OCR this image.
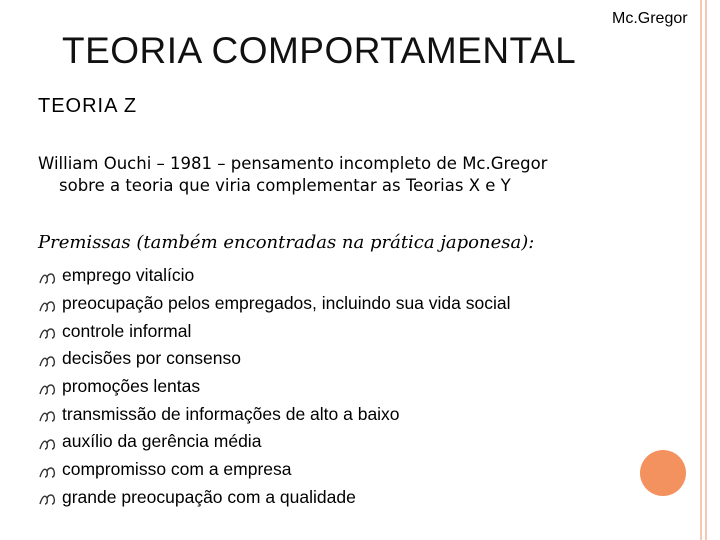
Mc.Gregor
TEORIA COMPORTAMENTAL
TEORIA Z
William Ouchi – 1981 – pensamento incompleto de Mc.Gregor
sobre a teoria que viria complementar as Teorias X e Y
Premissas (também encontradas na prática japonesa):
emprego vitalício
preocupação pelos empregados, incluindo sua vida social
controle informal
decisões por consenso
promoções lentas
transmissão de informações de alto a baixo
auxílio da gerência média
compromisso com a empresa
grande preocupação com a qualidade
